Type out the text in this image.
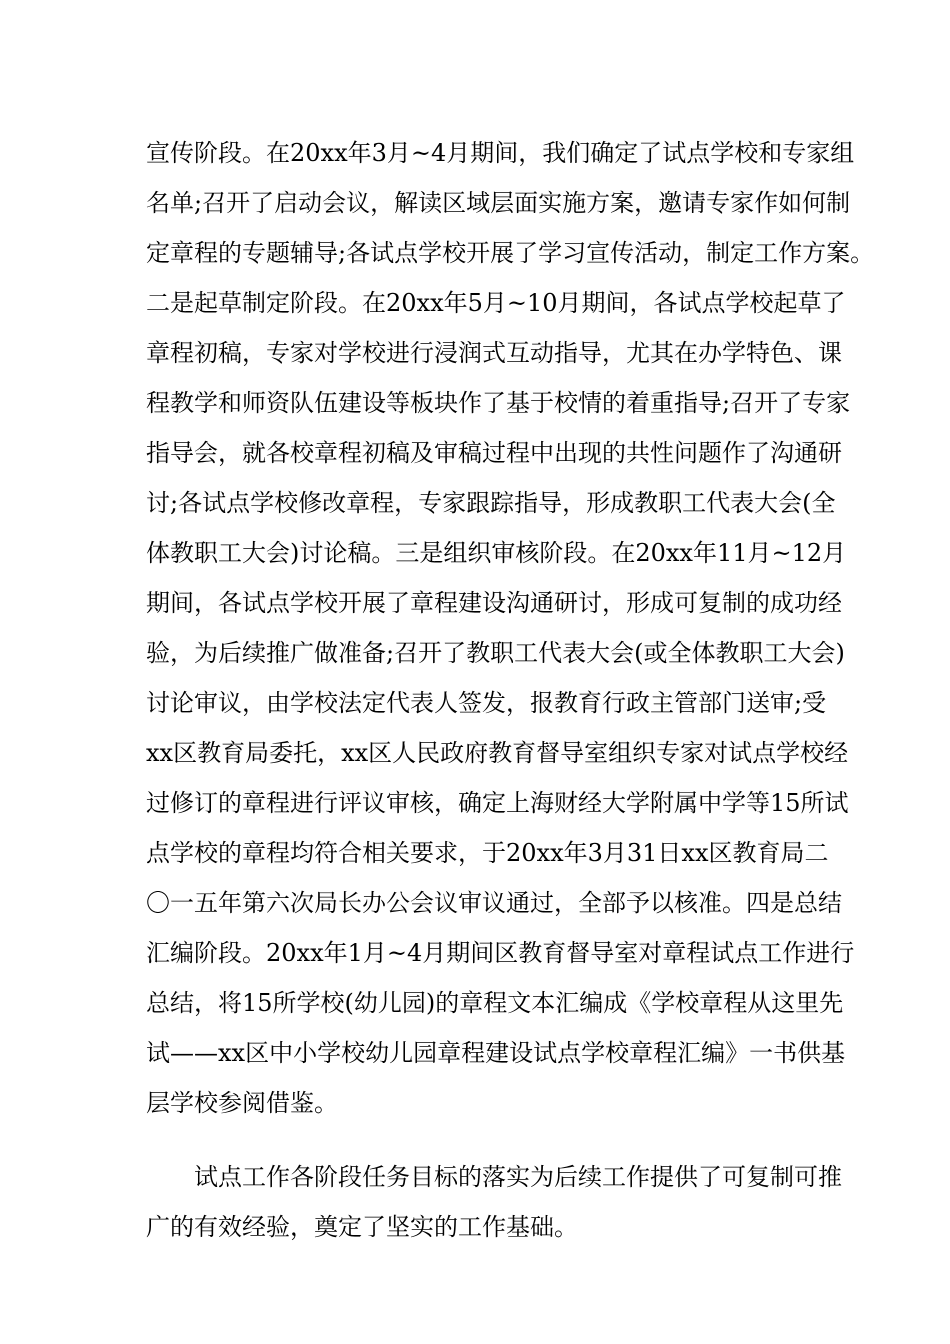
宣传阶段。在20xx年3月~4月期间，我们确定了试点学校和专家组
名单;召开了启动会议，解读区域层面实施方案，邀请专家作如何制
定章程的专题辅导;各试点学校开展了学习宣传活动，制定工作方案。
二是起草制定阶段。在20xx年5月~10月期间，各试点学校起草了
章程初稿，专家对学校进行浸润式互动指导，尤其在办学特色、课
程教学和师资队伍建设等板块作了基于校情的着重指导;召开了专家
指导会，就各校章程初稿及审稿过程中出现的共性问题作了沟通研
讨;各试点学校修改章程，专家跟踪指导，形成教职工代表大会(全
体教职工大会)讨论稿。三是组织审核阶段。在20xx年11月~12月
期间，各试点学校开展了章程建设沟通研讨，形成可复制的成功经
验，为后续推广做准备;召开了教职工代表大会(或全体教职工大会)
讨论审议，由学校法定代表人签发，报教育行政主管部门送审;受
xx区教育局委托，xx区人民政府教育督导室组织专家对试点学校经
过修订的章程进行评议审核，确定上海财经大学附属中学等15所试
点学校的章程均符合相关要求，于20xx年3月31日xx区教育局二
〇一五年第六次局长办公会议审议通过，全部予以核准。四是总结
汇编阶段。20xx年1月~4月期间区教育督导室对章程试点工作进行
总结，将15所学校(幼儿园)的章程文本汇编成《学校章程从这里先
试——xx区中小学校幼儿园章程建设试点学校章程汇编》一书供基
层学校参阅借鉴。
试点工作各阶段任务目标的落实为后续工作提供了可复制可推
广的有效经验，奠定了坚实的工作基础。
